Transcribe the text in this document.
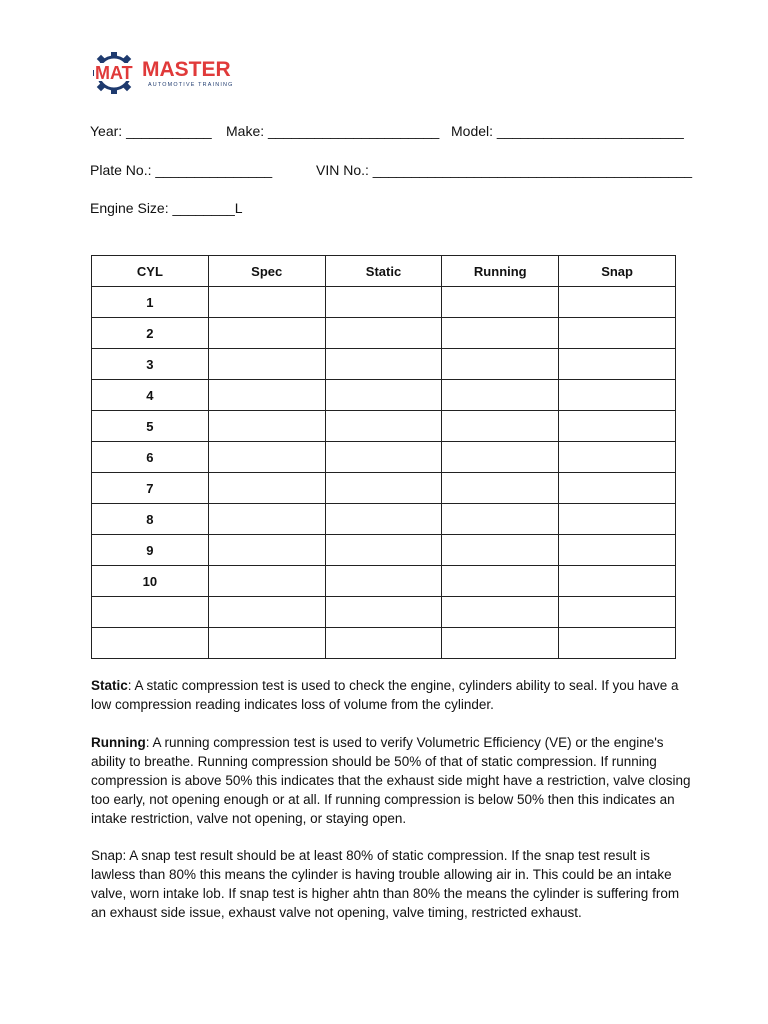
MAT MASTER
AUTOMOTIVE TRAINING
Year: ___________ Make: ______________________ Model: ________________________
Plate No.: _______________	VIN No.: _________________________________________
Engine Size: ________L
CYL	Spec	Static	Running	Snap
1				
2				
3				
4				
5				
6				
7				
8				
9				
10				

Static: A static compression test is used to check the engine, cylinders ability to seal. If you have a low compression reading indicates loss of volume from the cylinder.

Running: A running compression test is used to verify Volumetric Efficiency (VE) or the engine's ability to breathe. Running compression should be 50% of that of static compression. If running compression is above 50% this indicates that the exhaust side might have a restriction, valve closing too early, not opening enough or at all. If running compression is below 50% then this indicates an intake restriction, valve not opening, or staying open.

Snap: A snap test result should be at least 80% of static compression. If the snap test result is lawless than 80% this means the cylinder is having trouble allowing air in. This could be an intake valve, worn intake lob. If snap test is higher ahtn than 80% the means the cylinder is suffering from an exhaust side issue, exhaust valve not opening, valve timing, restricted exhaust.
